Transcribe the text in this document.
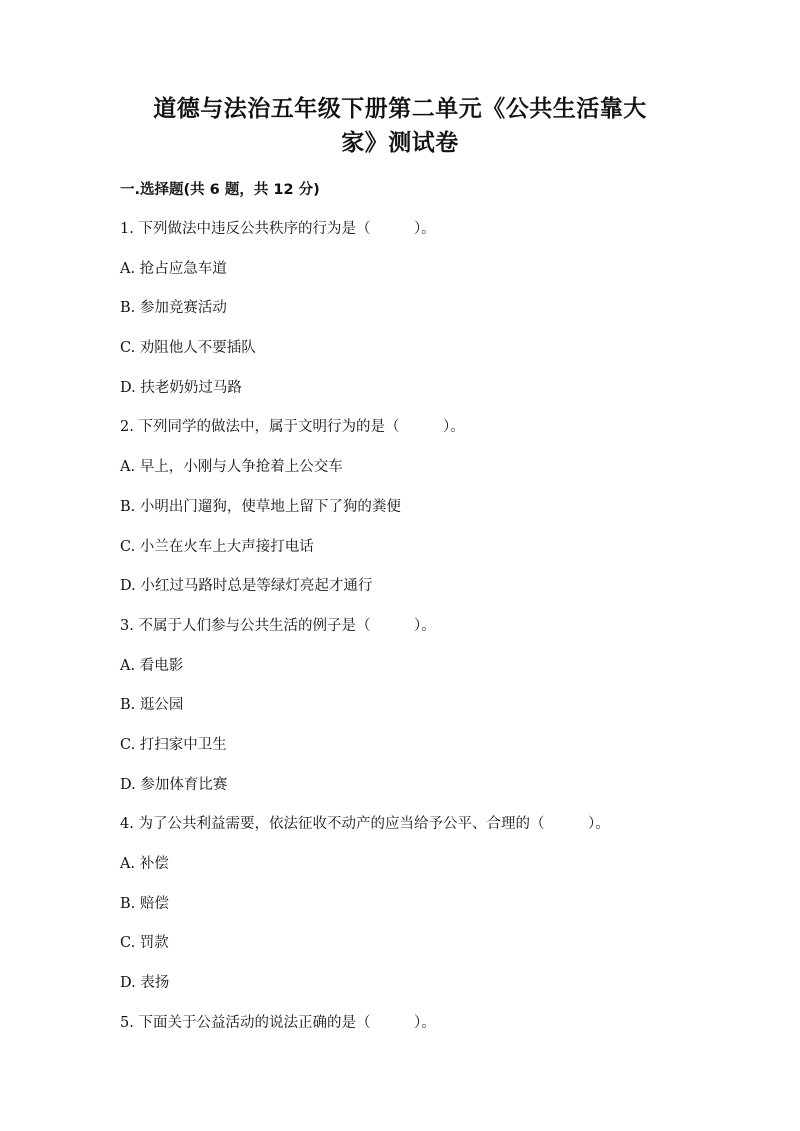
道德与法治五年级下册第二单元《公共生活靠大
家》测试卷
一.选择题(共 6 题，共 12 分)
1. 下列做法中违反公共秩序的行为是（　　　）。
A. 抢占应急车道
B. 参加竞赛活动
C. 劝阻他人不要插队
D. 扶老奶奶过马路
2. 下列同学的做法中，属于文明行为的是（　　　）。
A. 早上，小刚与人争抢着上公交车
B. 小明出门遛狗，使草地上留下了狗的粪便
C. 小兰在火车上大声接打电话
D. 小红过马路时总是等绿灯亮起才通行
3. 不属于人们参与公共生活的例子是（　　　）。
A. 看电影
B. 逛公园
C. 打扫家中卫生
D. 参加体育比赛
4. 为了公共利益需要，依法征收不动产的应当给予公平、合理的（　　　）。
A. 补偿
B. 赔偿
C. 罚款
D. 表扬
5. 下面关于公益活动的说法正确的是（　　　）。
